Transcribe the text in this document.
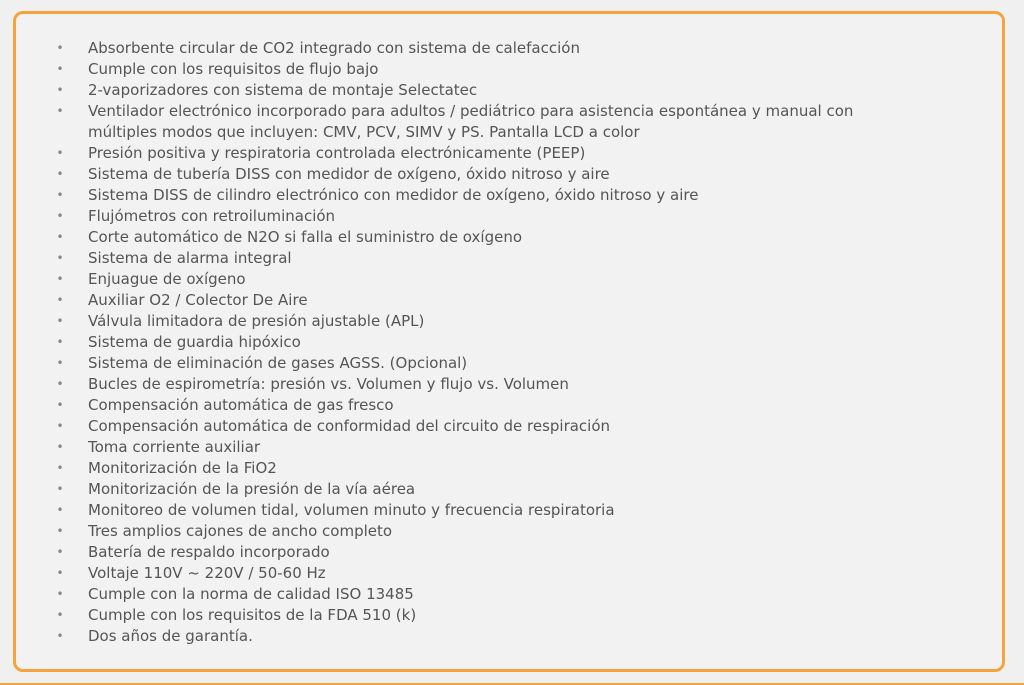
• Absorbente circular de CO2 integrado con sistema de calefacción
• Cumple con los requisitos de flujo bajo
• 2-vaporizadores con sistema de montaje Selectatec
• Ventilador electrónico incorporado para adultos / pediátrico para asistencia espontánea y manual con múltiples modos que incluyen: CMV, PCV, SIMV y PS. Pantalla LCD a color
• Presión positiva y respiratoria controlada electrónicamente (PEEP)
• Sistema de tubería DISS con medidor de oxígeno, óxido nitroso y aire
• Sistema DISS de cilindro electrónico con medidor de oxígeno, óxido nitroso y aire
• Flujómetros con retroiluminación
• Corte automático de N2O si falla el suministro de oxígeno
• Sistema de alarma integral
• Enjuague de oxígeno
• Auxiliar O2 / Colector De Aire
• Válvula limitadora de presión ajustable (APL)
• Sistema de guardia hipóxico
• Sistema de eliminación de gases AGSS. (Opcional)
• Bucles de espirometría: presión vs. Volumen y flujo vs. Volumen
• Compensación automática de gas fresco
• Compensación automática de conformidad del circuito de respiración
• Toma corriente auxiliar
• Monitorización de la FiO2
• Monitorización de la presión de la vía aérea
• Monitoreo de volumen tidal, volumen minuto y frecuencia respiratoria
• Tres amplios cajones de ancho completo
• Batería de respaldo incorporado
• Voltaje 110V ~ 220V / 50-60 Hz
• Cumple con la norma de calidad ISO 13485
• Cumple con los requisitos de la FDA 510 (k)
• Dos años de garantía.
